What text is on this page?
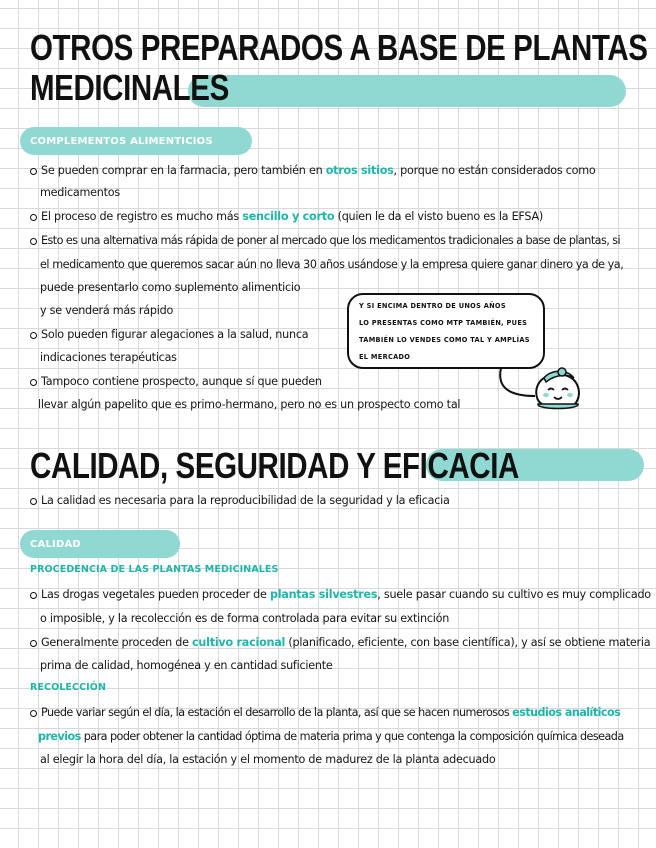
OTROS PREPARADOS A BASE DE PLANTAS
MEDICINALES
COMPLEMENTOS ALIMENTICIOS
Se pueden comprar en la farmacia, pero también en otros sitios, porque no están considerados como
medicamentos
El proceso de registro es mucho más sencillo y corto (quien le da el visto bueno es la EFSA)
Esto es una alternativa más rápida de poner al mercado que los medicamentos tradicionales a base de plantas, si
el medicamento que queremos sacar aún no lleva 30 años usándose y la empresa quiere ganar dinero ya de ya,
puede presentarlo como suplemento alimenticio
y se venderá más rápido
Solo pueden figurar alegaciones a la salud, nunca
indicaciones terapéuticas
Tampoco contiene prospecto, aunque sí que pueden
llevar algún papelito que es primo-hermano, pero no es un prospecto como tal
Y SI ENCIMA DENTRO DE UNOS AÑOS
LO PRESENTAS COMO MTP TAMBIÉN, PUES
TAMBIÉN LO VENDES COMO TAL Y AMPLÍAS
EL MERCADO
CALIDAD, SEGURIDAD Y EFICACIA
La calidad es necesaria para la reproducibilidad de la seguridad y la eficacia
CALIDAD
PROCEDENCIA DE LAS PLANTAS MEDICINALES
Las drogas vegetales pueden proceder de plantas silvestres, suele pasar cuando su cultivo es muy complicado
o imposible, y la recolección es de forma controlada para evitar su extinción
Generalmente proceden de cultivo racional (planificado, eficiente, con base científica), y así se obtiene materia
prima de calidad, homogénea y en cantidad suficiente
RECOLECCIÓN
Puede variar según el día, la estación el desarrollo de la planta, así que se hacen numerosos estudios analíticos
previos para poder obtener la cantidad óptima de materia prima y que contenga la composición química deseada
al elegir la hora del día, la estación y el momento de madurez de la planta adecuado
